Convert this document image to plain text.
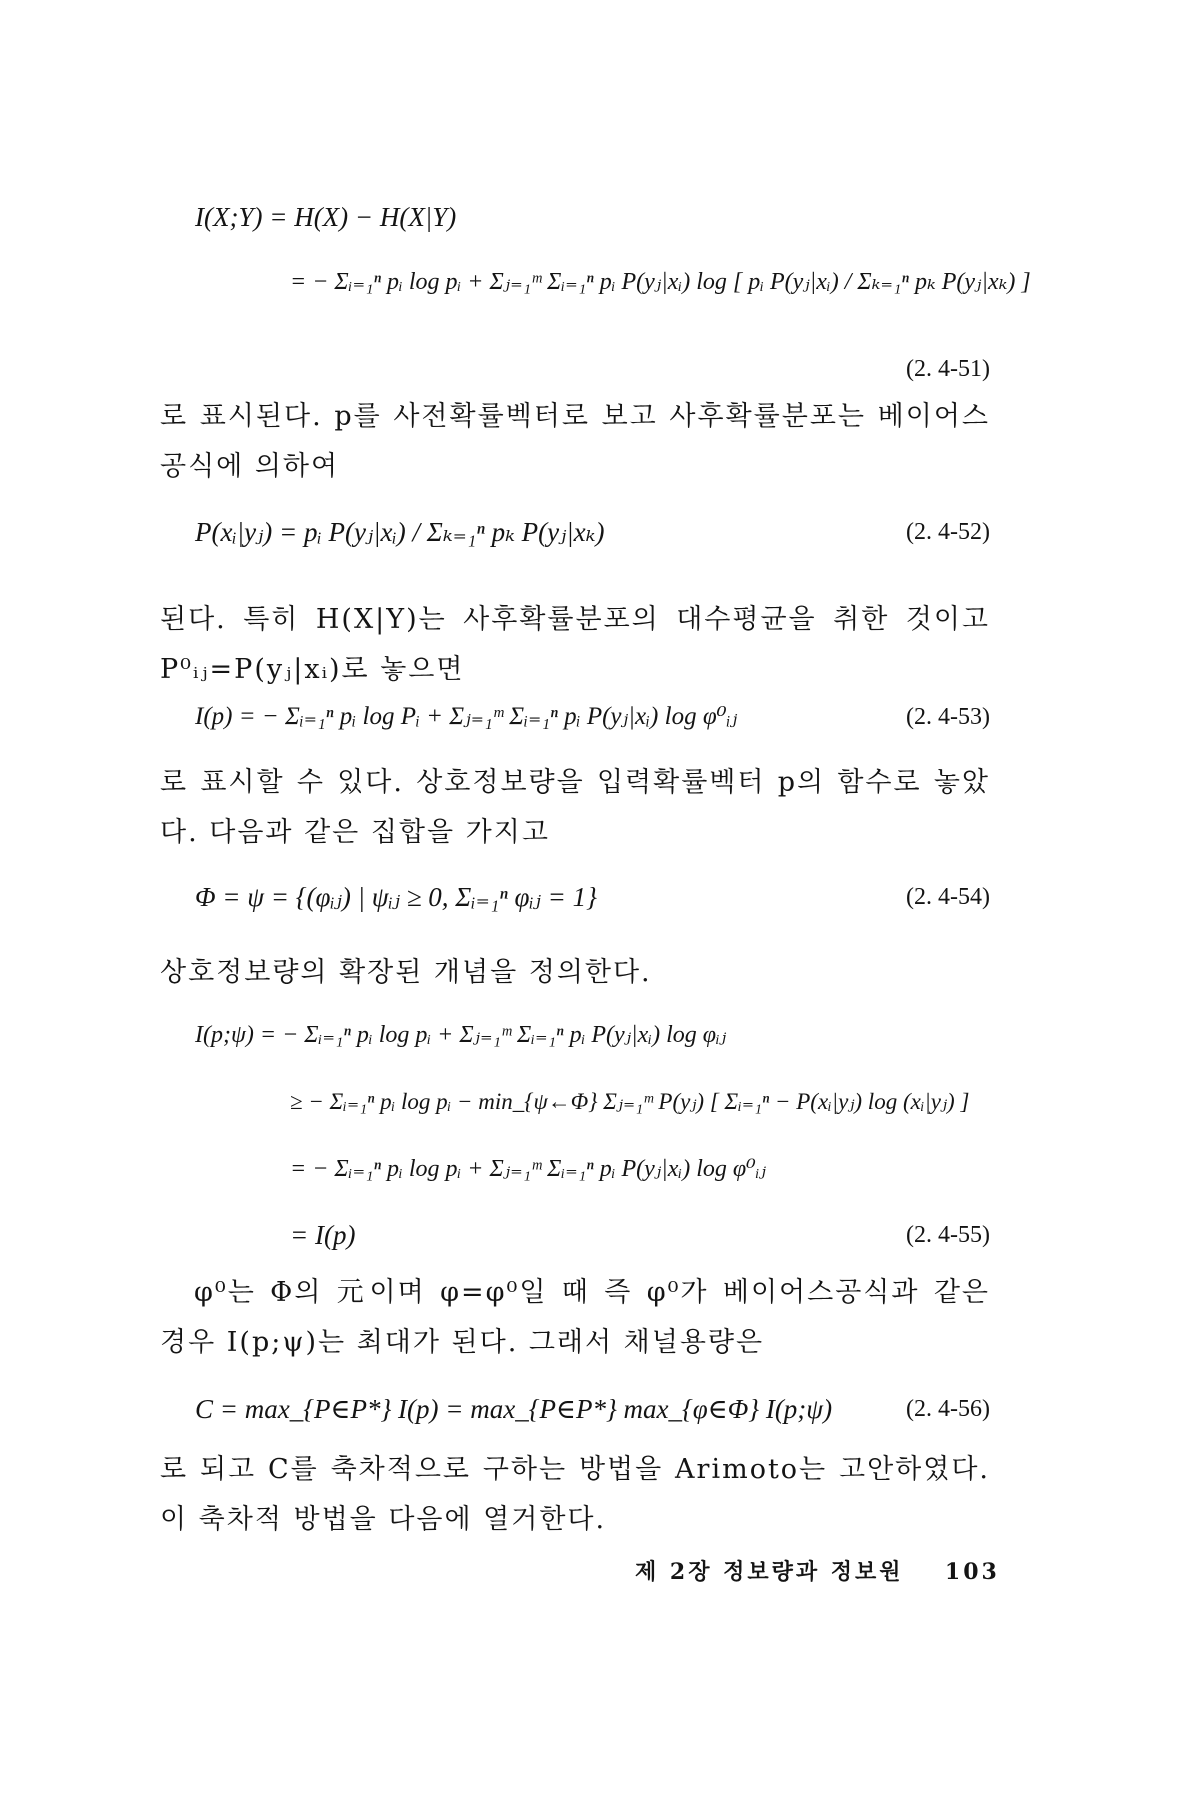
I(X;Y) = H(X) − H(X|Y)
= − Σᵢ₌₁ⁿ pᵢ log pᵢ + Σⱼ₌₁ᵐ Σᵢ₌₁ⁿ pᵢ P(yⱼ|xᵢ) log [ pᵢ P(yⱼ|xᵢ) / Σₖ₌₁ⁿ pₖ P(yⱼ|xₖ) ]
(2. 4-51)
로 표시된다. p를 사전확률벡터로 보고 사후확률분포는 베이어스공식에 의하여
P(xᵢ|yⱼ) = pᵢ P(yⱼ|xᵢ) / Σₖ₌₁ⁿ pₖ P(yⱼ|xₖ)	(2. 4-52)
된다. 특히 H(X|Y)는 사후확률분포의 대수평균을 취한 것이고 P⁰ᵢⱼ=P(yⱼ|xᵢ)로 놓으면
I(p) = − Σᵢ₌₁ⁿ pᵢ log Pᵢ + Σⱼ₌₁ᵐ Σᵢ₌₁ⁿ pᵢ P(yⱼ|xᵢ) log φ⁰ᵢⱼ	(2. 4-53)
로 표시할 수 있다. 상호정보량을 입력확률벡터 p의 함수로 놓았다. 다음과 같은 집합을 가지고
Φ = ψ = {(φᵢⱼ) | ψᵢⱼ ≥ 0, Σᵢ₌₁ⁿ φᵢⱼ = 1}	(2. 4-54)
상호정보량의 확장된 개념을 정의한다.
I(p;ψ) = − Σᵢ₌₁ⁿ pᵢ log pᵢ + Σⱼ₌₁ᵐ Σᵢ₌₁ⁿ pᵢ P(yⱼ|xᵢ) log φᵢⱼ
≥ − Σᵢ₌₁ⁿ pᵢ log pᵢ − min_{ψ←Φ} Σⱼ₌₁ᵐ P(yⱼ) [ Σᵢ₌₁ⁿ − P(xᵢ|yⱼ) log (xᵢ|yⱼ) ]
= − Σᵢ₌₁ⁿ pᵢ log pᵢ + Σⱼ₌₁ᵐ Σᵢ₌₁ⁿ pᵢ P(yⱼ|xᵢ) log φ⁰ᵢⱼ
= I(p)	(2. 4-55)
φ⁰는 Φ의 元이며 φ=φ⁰일 때 즉 φ⁰가 베이어스공식과 같은 경우 I(p;ψ)는 최대가 된다. 그래서 채널용량은
C = max_{P∈P*} I(p) = max_{P∈P*} max_{φ∈Φ} I(p;ψ)	(2. 4-56)
로 되고 C를 축차적으로 구하는 방법을 Arimoto는 고안하였다. 이 축차적 방법을 다음에 열거한다.
제 2장 정보량과 정보원 103
